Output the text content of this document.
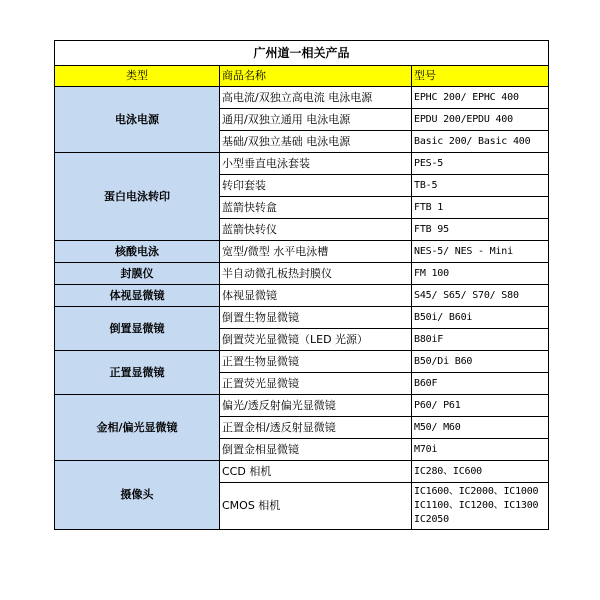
广州道一相关产品		
类型	商品名称	型号
电泳电源	高电流/双独立高电流 电泳电源	EPHC 200/ EPHC 400
	通用/双独立通用 电泳电源	EPDU 200/EPDU 400
	基础/双独立基础 电泳电源	Basic 200/ Basic 400
蛋白电泳转印	小型垂直电泳套装	PES-5
	转印套装	TB-5
	蓝箭快转盒	FTB 1
	蓝箭快转仪	FTB 95
核酸电泳	宽型/微型 水平电泳槽	NES-5/ NES - Mini
封膜仪	半自动微孔板热封膜仪	FM 100
体视显微镜	体视显微镜	S45/ S65/ S70/ S80
倒置显微镜	倒置生物显微镜	B50i/ B60i
	倒置荧光显微镜（LED 光源）	B80iF
正置显微镜	正置生物显微镜	B50/Di B60
	正置荧光显微镜	B60F
金相/偏光显微镜	偏光/透反射偏光显微镜	P60/ P61
	正置金相/透反射显微镜	M50/ M60
	倒置金相显微镜	M70i
摄像头	CCD 相机	IC280、IC600
	CMOS 相机	IC1600、IC2000、IC1000
IC1100、IC1200、IC1300
IC2050
